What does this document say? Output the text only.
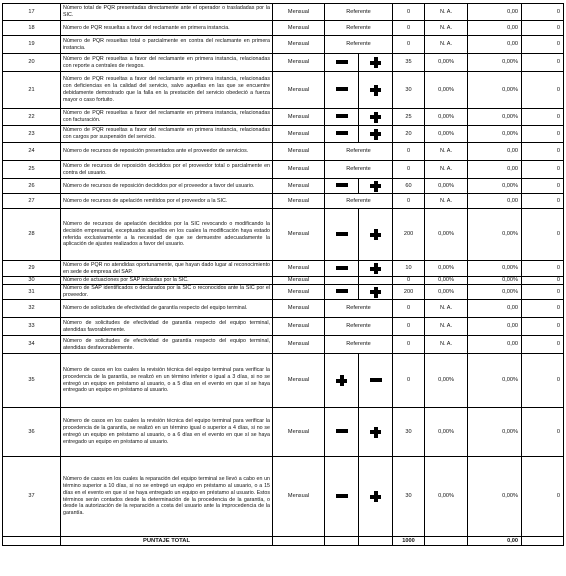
17	Número total de PQR presentadas directamente ante el operador o trasladadas por la SIC.	Mensual	Referente		0	N. A.	0,00	0
18	Número de PQR resueltas a favor del reclamante en primera instancia.	Mensual	Referente		0	N. A.	0,00	0
19	Número de PQR resueltas total o parcialmente en contra del reclamante en primera instancia.	Mensual	Referente		0	N. A.	0,00	0
20	Número de PQR resueltas a favor del reclamante en primera instancia, relacionadas con reporte a centrales de riesgos.	Mensual			35	0,00%	0,00%	0
21	Número de PQR resueltas a favor del reclamante en primera instancia, relacionadas con deficiencias en la calidad del servicio, salvo aquellas en las que se encuentre debidamente demostrado que la falla en la prestación del servicio obedeció a fuerza mayor o caso fortuito.	Mensual			30	0,00%	0,00%	0
22	Número de PQR resueltas a favor del reclamante en primera instancia, relacionadas con facturación.	Mensual			25	0,00%	0,00%	0
23	Número de PQR resueltas a favor del reclamante en primera instancia, relacionadas con cargos por suspensión del servicio.	Mensual			20	0,00%	0,00%	0
24	Número de recursos de reposición presentados ante el proveedor de servicios.	Mensual	Referente		0	N. A.	0,00	0
25	Número de recursos de reposición decididos por el proveedor total o parcialmente en contra del usuario.	Mensual	Referente		0	N. A.	0,00	0
26	Número de recursos de reposición decididos por el proveedor a favor del usuario.	Mensual			60	0,00%	0,00%	0
27	Número de recursos de apelación remitidos por el proveedor a la SIC.	Mensual	Referente		0	N. A.	0,00	0
28	Número de recursos de apelación decididos por la SIC revocando o modificando la decisión empresarial, exceptuados aquellos en los cuales la modificación haya estado referida exclusivamente a la necesidad de que se demuestre adecuadamente la aplicación de ajustes realizados a favor del usuario.	Mensual			200	0,00%	0,00%	0
29	Número de PQR no atendidas oportunamente, que hayan dado lugar al reconocimiento en sede de empresa del SAP.	Mensual			10	0,00%	0,00%	0
30	Número de actuaciones por SAP iniciadas por la SIC.	Mensual			0	0,00%	0,00%	0
31	Número de SAP identificados o declarados por la SIC o reconocidos ante la SIC por el proveedor.	Mensual			200	0,00%	0,00%	0
32	Número de solicitudes de efectividad de garantía respecto del equipo terminal.	Mensual	Referente		0	N. A.	0,00	0
33	Número de solicitudes de efectividad de garantía respecto del equipo terminal, atendidas favorablemente.	Mensual	Referente		0	N. A.	0,00	0
34	Número de solicitudes de efectividad de garantía respecto del equipo terminal, atendidas desfavorablemente.	Mensual	Referente		0	N. A.	0,00	0
35	Número de casos en los cuales la revisión técnica del equipo terminal para verificar la procedencia de la garantía, se realizó en un término inferior o igual a 3 días, si no se entregó un equipo en préstamo al usuario, o a 5 días en el evento en que sí se haya entregado un equipo en préstamo al usuario.	Mensual			0	0,00%	0,00%	0
36	Número de casos en los cuales la revisión técnica del equipo terminal para verificar la procedencia de la garantía, se realizó en un término igual o superior a 4 días, si no se entregó un equipo en préstamo al usuario, o a 6 días en el evento en que sí se haya entregado un equipo en préstamo al usuario.	Mensual			30	0,00%	0,00%	0
37	Número de casos en los cuales la reparación del equipo terminal se llevó a cabo en un término superior a 10 días, si no se entregó un equipo en préstamo al usuario, o a 15 días en el evento en que sí se haya entregado un equipo en préstamo al usuario. Estos términos serán contados desde la determinación de la procedencia de la garantía, o desde la autorización de la reparación a costa del usuario ante la improcedencia de la garantía.	Mensual			30	0,00%	0,00%	0
	PUNTAJE TOTAL				1000		0,00	
